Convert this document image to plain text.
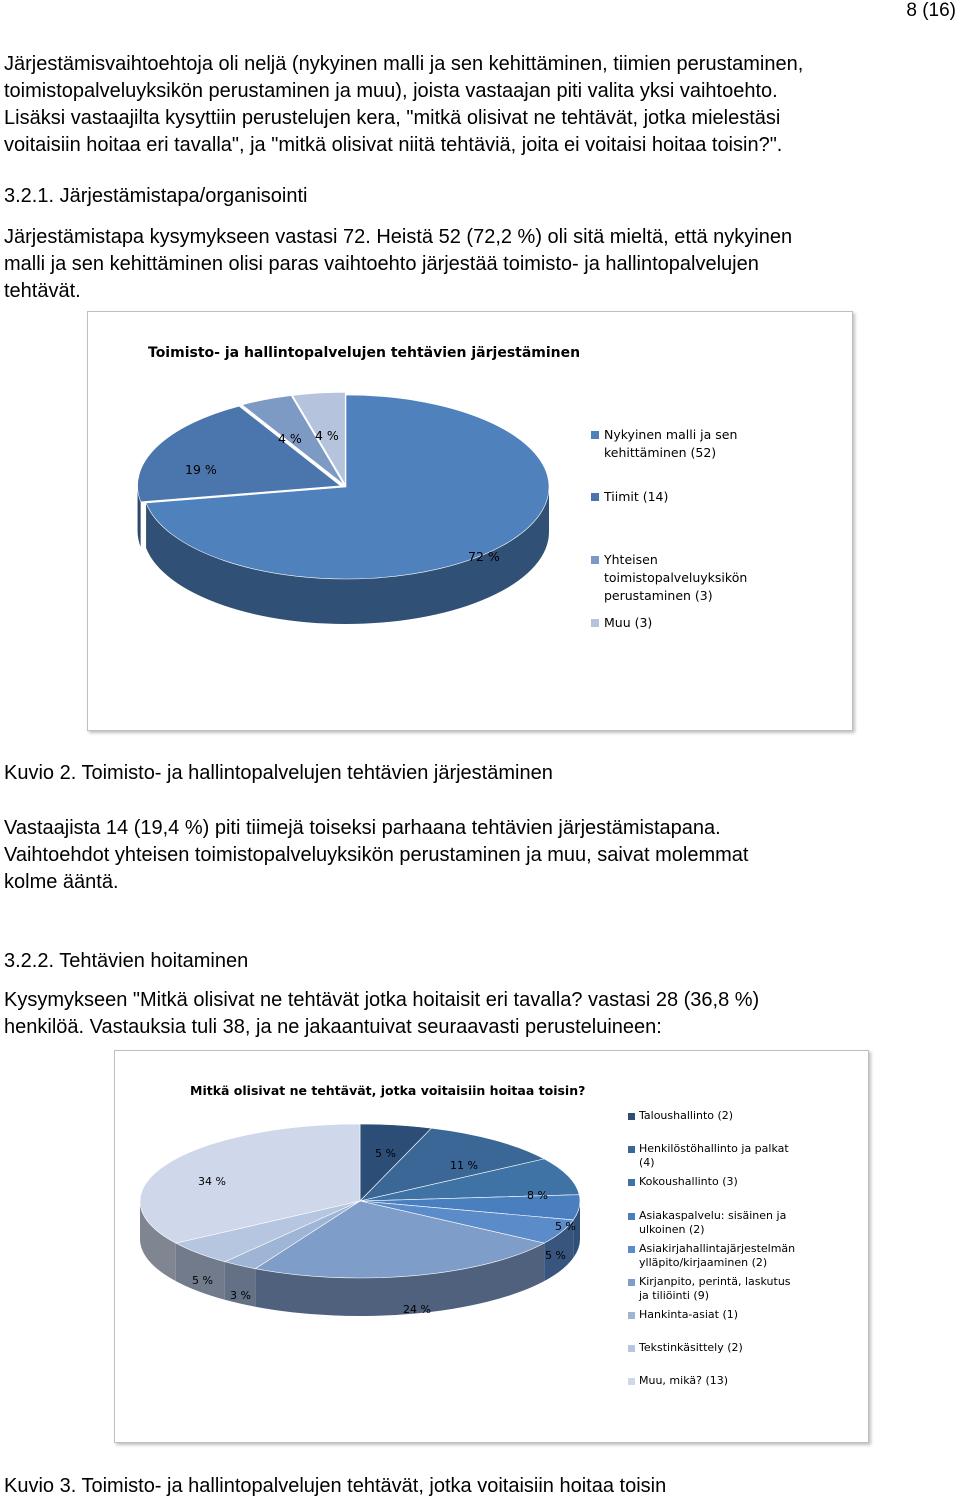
8 (16)
Järjestämisvaihtoehtoja oli neljä (nykyinen malli ja sen kehittäminen, tiimien perustaminen,
toimistopalveluyksikön perustaminen ja muu), joista vastaajan piti valita yksi vaihtoehto.
Lisäksi vastaajilta kysyttiin perustelujen kera, "mitkä olisivat ne tehtävät, jotka mielestäsi
voitaisiin hoitaa eri tavalla", ja "mitkä olisivat niitä tehtäviä, joita ei voitaisi hoitaa toisin?".
3.2.1. Järjestämistapa/organisointi
Järjestämistapa kysymykseen vastasi 72. Heistä 52 (72,2 %) oli sitä mieltä, että nykyinen
malli ja sen kehittäminen olisi paras vaihtoehto järjestää toimisto- ja hallintopalvelujen
tehtävät.
Toimisto- ja hallintopalvelujen tehtävien järjestäminen
72 %
19 %
4 % 4 %	Nykyinen malli ja sen kehittäminen (52)
Tiimit (14)
Yhteisen toimistopalveluyksikön perustaminen (3)
Muu (3)
Kuvio 2. Toimisto- ja hallintopalvelujen tehtävien järjestäminen
Vastaajista 14 (19,4 %) piti tiimejä toiseksi parhaana tehtävien järjestämistapana.
Vaihtoehdot yhteisen toimistopalveluyksikön perustaminen ja muu, saivat molemmat
kolme ääntä.
3.2.2. Tehtävien hoitaminen
Kysymykseen "Mitkä olisivat ne tehtävät jotka hoitaisit eri tavalla? vastasi 28 (36,8 %)
henkilöä. Vastauksia tuli 38, ja ne jakaantuivat seuraavasti perusteluineen:
Mitkä olisivat ne tehtävät, jotka voitaisiin hoitaa toisin?
5 %
11 %
8 %
5 %
5 %
24 %
3 %
5 %
34 %
Taloushallinto (2)
Henkilöstöhallinto ja palkat (4)
Kokoushallinto (3)
Asiakaspalvelu: sisäinen ja ulkoinen (2)
Asiakirjahallintajärjestelmän ylläpito/kirjaaminen (2)
Kirjanpito, perintä, laskutus ja tiliöinti (9)
Hankinta-asiat (1)
Tekstinkäsittely (2)
Muu, mikä? (13)
Kuvio 3. Toimisto- ja hallintopalvelujen tehtävät, jotka voitaisiin hoitaa toisin
